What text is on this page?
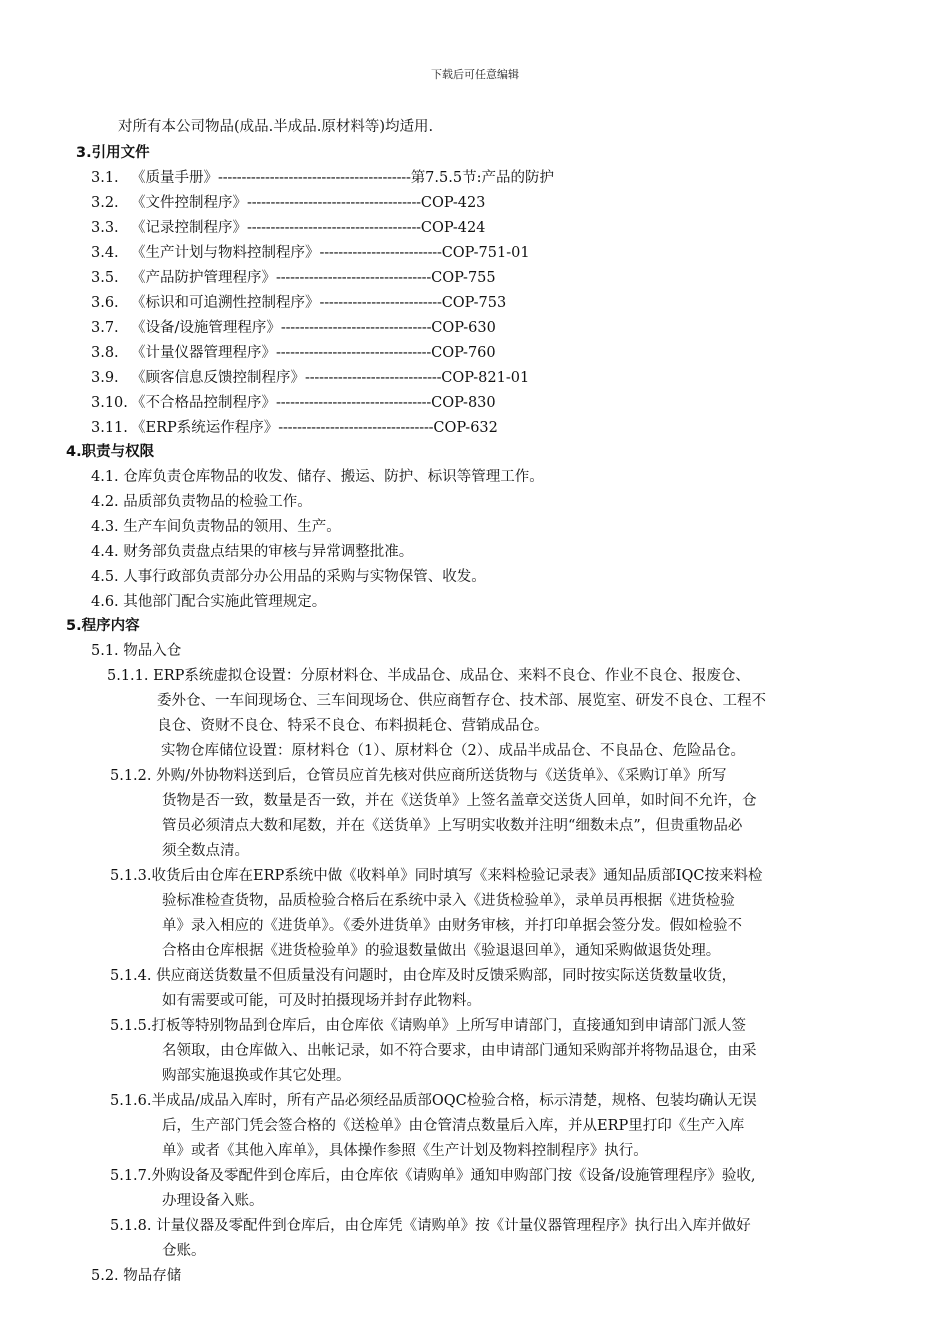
下载后可任意编辑
对所有本公司物品(成品.半成品.原材料等)均适用.
3.引用文件
3.1. 《质量手册》-----------------------------------------第7.5.5节:产品的防护
3.2. 《文件控制程序》-------------------------------------COP-423
3.3. 《记录控制程序》-------------------------------------COP-424
3.4. 《生产计划与物料控制程序》--------------------------COP-751-01
3.5. 《产品防护管理程序》---------------------------------COP-755
3.6. 《标识和可追溯性控制程序》--------------------------COP-753
3.7. 《设备/设施管理程序》--------------------------------COP-630
3.8. 《计量仪器管理程序》---------------------------------COP-760
3.9. 《顾客信息反馈控制程序》-----------------------------COP-821-01
3.10. 《不合格品控制程序》---------------------------------COP-830
3.11. 《ERP系统运作程序》---------------------------------COP-632
4.职责与权限
4.1. 仓库负责仓库物品的收发、储存、搬运、防护、标识等管理工作。
4.2. 品质部负责物品的检验工作。
4.3. 生产车间负责物品的领用、生产。
4.4. 财务部负责盘点结果的审核与异常调整批准。
4.5. 人事行政部负责部分办公用品的采购与实物保管、收发。
4.6. 其他部门配合实施此管理规定。
5.程序内容
5.1. 物品入仓
5.1.1. ERP系统虚拟仓设置：分原材料仓、半成品仓、成品仓、来料不良仓、作业不良仓、报废仓、
委外仓、一车间现场仓、三车间现场仓、供应商暂存仓、技术部、展览室、研发不良仓、工程不
良仓、资财不良仓、特采不良仓、布料损耗仓、营销成品仓。
实物仓库储位设置：原材料仓（1）、原材料仓（2）、成品半成品仓、不良品仓、危险品仓。
5.1.2. 外购/外协物料送到后，仓管员应首先核对供应商所送货物与《送货单》、《采购订单》所写
货物是否一致，数量是否一致，并在《送货单》上签名盖章交送货人回单，如时间不允许，仓
管员必须清点大数和尾数，并在《送货单》上写明实收数并注明“细数未点”，但贵重物品必
须全数点清。
5.1.3.收货后由仓库在ERP系统中做《收料单》同时填写《来料检验记录表》通知品质部IQC按来料检
验标准检查货物，品质检验合格后在系统中录入《进货检验单》，录单员再根据《进货检验
单》录入相应的《进货单》。《委外进货单》由财务审核，并打印单据会签分发。假如检验不
合格由仓库根据《进货检验单》的验退数量做出《验退退回单》，通知采购做退货处理。
5.1.4. 供应商送货数量不但质量没有问题时，由仓库及时反馈采购部，同时按实际送货数量收货，
如有需要或可能，可及时拍摄现场并封存此物料。
5.1.5.打板等特别物品到仓库后，由仓库依《请购单》上所写申请部门，直接通知到申请部门派人签
名领取，由仓库做入、出帐记录，如不符合要求，由申请部门通知采购部并将物品退仓，由采
购部实施退换或作其它处理。
5.1.6.半成品/成品入库时，所有产品必须经品质部OQC检验合格，标示清楚，规格、包装均确认无误
后，生产部门凭会签合格的《送检单》由仓管清点数量后入库，并从ERP里打印《生产入库
单》或者《其他入库单》，具体操作参照《生产计划及物料控制程序》执行。
5.1.7.外购设备及零配件到仓库后，由仓库依《请购单》通知申购部门按《设备/设施管理程序》验收,
办理设备入账。
5.1.8. 计量仪器及零配件到仓库后，由仓库凭《请购单》按《计量仪器管理程序》执行出入库并做好
仓账。
5.2. 物品存储
